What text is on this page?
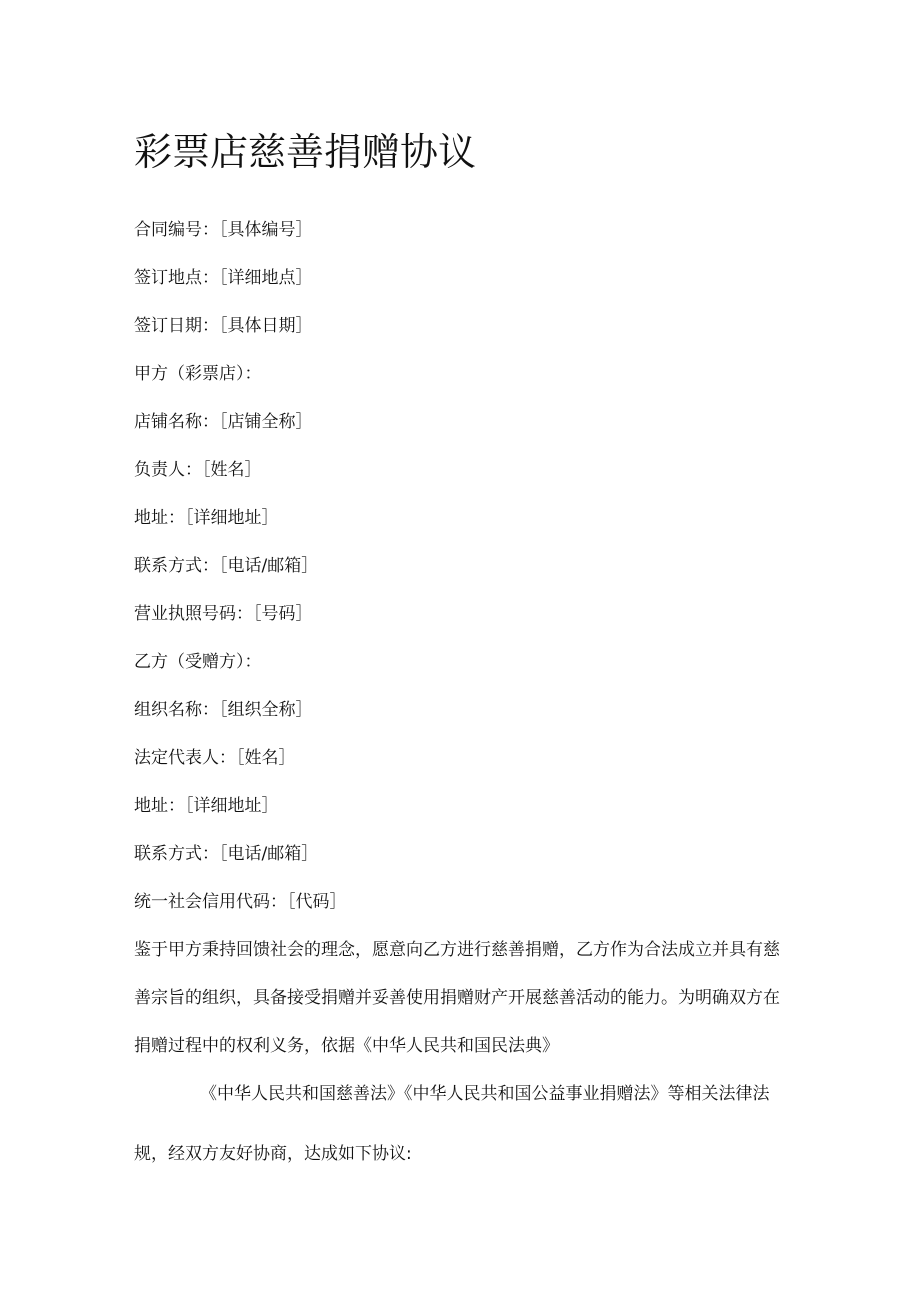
彩票店慈善捐赠协议
合同编号：［具体编号］
签订地点：［详细地点］
签订日期：［具体日期］
甲方（彩票店）：
店铺名称：［店铺全称］
负责人：［姓名］
地址：［详细地址］
联系方式：［电话/邮箱］
营业执照号码：［号码］
乙方（受赠方）：
组织名称：［组织全称］
法定代表人：［姓名］
地址：［详细地址］
联系方式：［电话/邮箱］
统一社会信用代码：［代码］
鉴于甲方秉持回馈社会的理念，愿意向乙方进行慈善捐赠，乙方作为合法成立并具有慈
善宗旨的组织，具备接受捐赠并妥善使用捐赠财产开展慈善活动的能力。为明确双方在
捐赠过程中的权利义务，依据《中华人民共和国民法典》
《中华人民共和国慈善法》《中华人民共和国公益事业捐赠法》等相关法律法
规，经双方友好协商，达成如下协议:
